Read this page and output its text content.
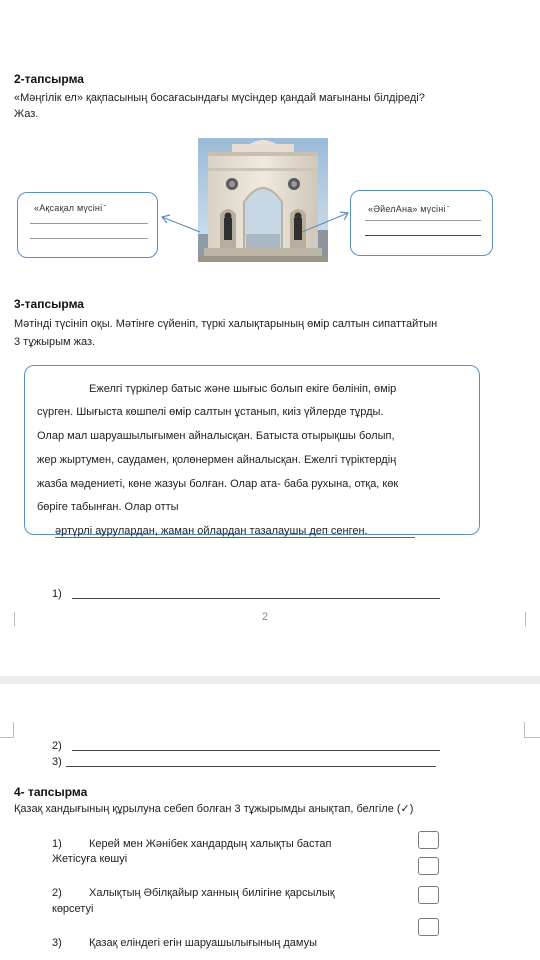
2-тапсырма
«Мәңгілік ел» қақпасының босағасындағы мүсіндер қандай мағынаны білдіреді?
Жаз.
«Ақсақал мүсіні ̄	«ӘйелАна» мүсіні ̄
3-тапсырма
Мәтінді түсініп оқы. Мәтінге сүйеніп, түркі халықтарының өмір салтын сипаттайтын
3 тұжырым жаз.
Ежелгі түркілер батыс және шығыс болып екіге бөлініп, өмір
сүрген. Шығыста көшпелі өмір салтын ұстанып, киіз үйлерде тұрды.
Олар мал шаруашылығымен айналысқан. Батыста отырықшы болып,
жер жыртумен, саудамен, қолөнермен айналысқан. Ежелгі түріктердің
жазба мәдениеті, көне жазуы болған. Олар ата- баба рухына, отқа, көк
бөріге табынған. Олар отты
әртүрлі аурулардан, жаман ойлардан тазалаушы деп сенген.
1)
2
2)
3)
4- тапсырма
Қазақ хандығының құрылуна себеп болған 3 тұжырымды анықтап, белгіле (✓)
1) Керей мен Жәнібек хандардың халықты бастап
Жетісуға көшуі
2) Халықтың Әбілқайыр ханның билігіне қарсылық
көрсетуі
3) Қазақ еліндегі егін шаруашылығының дамуы
